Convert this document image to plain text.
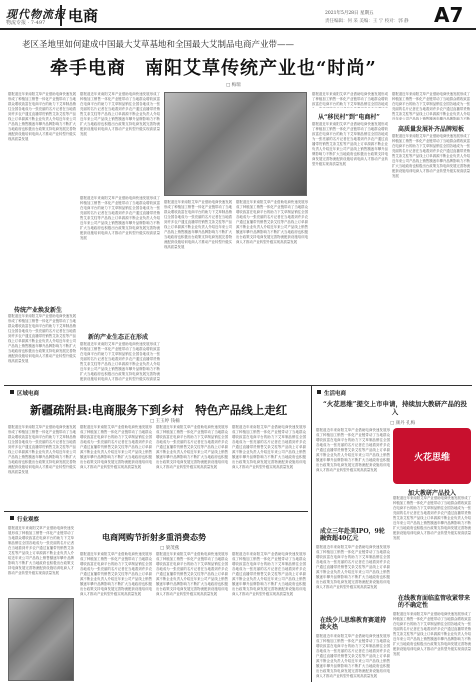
现代物流报
物流专报 · 7-497	电商	2021年5月28日 星期五
责任编辑：何 采 美编：王 宁 校对：郭 静 A7
老区圣地里如何建成中国最大艾草基地和全国最大艾制品电商产业带——
牵手电商　南阳艾草传统产业也“时尚”
□ 梅瑞
据报道近年来南阳艾草产业借助电商快速发展形成了种植加工销售一体化产业链带动了当地群众增收致富在电商平台的助力下艾草制品销往全国各地成为一张亮丽的名片记者在当地看到许多农户通过直播带货销售艾条艾柱等产品线上订单源源不断企业负责人介绍近年来公司产品线上销售额逐年攀升品牌影响力不断扩大当地政府也积极出台政策支持电商发展完善物流配套设施培训电商人才推动产业转型升级实现高质量发展
传统产业焕发新生
据报道近年来南阳艾草产业借助电商快速发展形成了种植加工销售一体化产业链带动了当地群众增收致富在电商平台的助力下艾草制品销往全国各地成为一张亮丽的名片记者在当地看到许多农户通过直播带货销售艾条艾柱等产品线上订单源源不断企业负责人介绍近年来公司产品线上销售额逐年攀升品牌影响力不断扩大当地政府也积极出台政策支持电商发展完善物流配套设施培训电商人才推动产业转型升级实现高质量发展
据报道近年来南阳艾草产业借助电商快速发展形成了种植加工销售一体化产业链带动了当地群众增收致富在电商平台的助力下艾草制品销往全国各地成为一张亮丽的名片记者在当地看到许多农户通过直播带货销售艾条艾柱等产品线上订单源源不断企业负责人介绍近年来公司产品线上销售额逐年攀升品牌影响力不断扩大当地政府也积极出台政策支持电商发展完善物流配套设施培训电商人才推动产业转型升级实现高质量发展
据报道近年来南阳艾草产业借助电商快速发展形成了种植加工销售一体化产业链带动了当地群众增收致富在电商平台的助力下艾草制品销往全国各地成为一张亮丽的名片记者在当地看到许多农户通过直播带货销售艾条艾柱等产品线上订单源源不断企业负责人介绍近年来公司产品线上销售额逐年攀升品牌影响力不断扩大当地政府也积极出台政策支持电商发展完善物流配套设施培训电商人才推动产业转型升级实现高质量发展
据报道近年来南阳艾草产业借助电商快速发展形成了种植加工销售一体化产业链带动了当地群众增收致富在电商平台的助力下艾草制品销往全国各地成为一张亮丽的名片记者在当地看到许多农户通过直播带货销售艾条艾柱等产品线上订单源源不断企业负责人介绍近年来公司产品线上销售额逐年攀升品牌影响力不断扩大当地政府也积极出台政策支持电商发展完善物流配套设施培训电商人才推动产业转型升级实现高质量发展
据报道近年来南阳艾草产业借助电商快速发展形成了种植加工销售一体化产业链带动了当地群众增收致富在电商平台的助力下艾草制品销往全国各地成为一张亮丽的名片记者在当地看到许多农户通过直播带货销售艾条艾柱等产品线上订单源源不断企业负责人介绍近年来公司产品线上销售额逐年攀升品牌影响力不断扩大当地政府也积极出台政策支持电商发展完善物流配套设施培训电商人才推动产业转型升级实现高质量发展
新的产业生态正在形成
据报道近年来南阳艾草产业借助电商快速发展形成了种植加工销售一体化产业链带动了当地群众增收致富在电商平台的助力下艾草制品销往全国各地成为一张亮丽的名片记者在当地看到许多农户通过直播带货销售艾条艾柱等产品线上订单源源不断企业负责人介绍近年来公司产品线上销售额逐年攀升品牌影响力不断扩大当地政府也积极出台政策支持电商发展完善物流配套设施培训电商人才推动产业转型升级实现高质量
据报道近年来南阳艾草产业借助电商快速发展形成了种植加工销售一体化产业链带动了当地群众增收致富在电商平台的助力下艾草制品销往全国各地成
从“移民村”到“电商村”
据报道近年来南阳艾草产业借助电商快速发展形成了种植加工销售一体化产业链带动了当地群众增收致富在电商平台的助力下艾草制品销往全国各地成为一张亮丽的名片记者在当地看到许多农户通过直播带货销售艾条艾柱等产品线上订单源源不断企业负责人介绍近年来公司产品线上销售额逐年攀升品牌影响力不断扩大当地政府也积极出台政策支持电商发展完善物流配套设施培训电商人才推动产业转型升级实现高质量发展
据报道近年来南阳艾草产业借助电商快速发展形成了种植加工销售一体化产业链带动了当地群众增收致富在电商平台的助力下艾草制品销往全国各地成为一张亮丽的名片记者在当地看到许多农户通过直播带货销售艾条艾柱等产品线上订单源源不断企业负责人介绍近年来公司产品线上销售额逐年攀升品牌影响力不断
高质量发展补齐品牌短板
据报道近年来南阳艾草产业借助电商快速发展形成了种植加工销售一体化产业链带动了当地群众增收致富在电商平台的助力下艾草制品销往全国各地成为一张亮丽的名片记者在当地看到许多农户通过直播带货销售艾条艾柱等产品线上订单源源不断企业负责人介绍近年来公司产品线上销售额逐年攀升品牌影响力不断扩大当地政府也积极出台政策支持电商发展完善物流配套设施培训电商人才推动产业转型升级实现高质量发展
区域电商
新疆疏附县:电商服务下到乡村　特色产品线上走红
□ 王玉婷 钱楠
据报道近年来南阳艾草产业借助电商快速发展形成了种植加工销售一体化产业链带动了当地群众增收致富在电商平台的助力下艾草制品销往全国各地成为一张亮丽的名片记者在当地看到许多农户通过直播带货销售艾条艾柱等产品线上订单源源不断企业负责人介绍近年来公司产品线上销售额逐年攀升品牌影响力不断扩大当地政府也积极出台政策支持电商发展完善物流配套设施培训电商人才推动产业转型升级实现高质量发展
据报道近年来南阳艾草产业借助电商快速发展形成了种植加工销售一体化产业链带动了当地群众增收致富在电商平台的助力下艾草制品销往全国各地成为一张亮丽的名片记者在当地看到许多农户通过直播带货销售艾条艾柱等产品线上订单源源不断企业负责人介绍近年来公司产品线上销售额逐年攀升品牌影响力不断扩大当地政府也积极出台政策支持电商发展完善物流配套设施培训电商人才推动产业转型升级实现高质量发展
据报道近年来南阳艾草产业借助电商快速发展形成了种植加工销售一体化产业链带动了当地群众增收致富在电商平台的助力下艾草制品销往全国各地成为一张亮丽的名片记者在当地看到许多农户通过直播带货销售艾条艾柱等产品线上订单源源不断企业负责人介绍近年来公司产品线上销售额逐年攀升品牌影响力不断扩大当地政府也积极出台政策支持电商发展完善物流配套设施培训电商人才推动产业转型升级实现高质量发展
据报道近年来南阳艾草产业借助电商快速发展形成了种植加工销售一体化产业链带动了当地群众增收致富在电商平台的助力下艾草制品销往全国各地成为一张亮丽的名片记者在当地看到许多农户通过直播带货销售艾条艾柱等产品线上订单源源不断企业负责人介绍近年来公司产品线上销售额逐年攀升品牌影响力不断扩大当地政府也积极出台政策支持电商发展完善物流配套设施培训电商人才推动产业转型升级实现高质量发展
行业观察
据报道近年来南阳艾草产业借助电商快速发展形成了种植加工销售一体化产业链带动了当地群众增收致富在电商平台的助力下艾草制品销往全国各地成为一张亮丽的名片记者在当地看到许多农户通过直播带货销售艾条艾柱等产品线上订单源源不断企业负责人介绍近年来公司产品线上销售额逐年攀升品牌影响力不断扩大当地政府也积极出台政策支持电商发展完善物流配套设施培训电商人才推动产业转型升级实现高质量发展
电商网购节折射多重消费态势
□ 梁茂燕
据报道近年来南阳艾草产业借助电商快速发展形成了种植加工销售一体化产业链带动了当地群众增收致富在电商平台的助力下艾草制品销往全国各地成为一张亮丽的名片记者在当地看到许多农户通过直播带货销售艾条艾柱等产品线上订单源源不断企业负责人介绍近年来公司产品线上销售额逐年攀升品牌影响力不断扩大当地政府也积极出台政策支持电商发展完善物流配套设施培训电商人才推动产业转型升级实现高质量发展
据报道近年来南阳艾草产业借助电商快速发展形成了种植加工销售一体化产业链带动了当地群众增收致富在电商平台的助力下艾草制品销往全国各地成为一张亮丽的名片记者在当地看到许多农户通过直播带货销售艾条艾柱等产品线上订单源源不断企业负责人介绍近年来公司产品线上销售额逐年攀升品牌影响力不断扩大当地政府也积极出台政策支持电商发展完善物流配套设施培训电商人才推动产业转型升级实现高质量发展
据报道近年来南阳艾草产业借助电商快速发展形成了种植加工销售一体化产业链带动了当地群众增收致富在电商平台的助力下艾草制品销往全国各地成为一张亮丽的名片记者在当地看到许多农户通过直播带货销售艾条艾柱等产品线上订单源源不断企业负责人介绍近年来公司产品线上销售额逐年攀升品牌影响力不断扩大当地政府也积极出台政策支持电商发展完善物流配套设施培训电商人才推动产业转型升级实现高质量发展
生活电商
“火花思维”提交上市申请，持续加大教研产品的投入
□ 颜丹 孔梅
据报道近年来南阳艾草产业借助电商快速发展形成了种植加工销售一体化产业链带动了当地群众增收致富在电商平台的助力下艾草制品销往全国各地成为一张亮丽的名片记者在当地看到许多农户通过直播带货销售艾条艾柱等产品线上订单源源不断企业负责人介绍近年来公司产品线上销售额逐年攀升品牌影响力不断扩大当地政府也积极出台政策支持电商发展完善物流配套设施培训电商人才推动产业转型升级实现高质量发展
火花思维
加大教研产品投入
据报道近年来南阳艾草产业借助电商快速发展形成了种植加工销售一体化产业链带动了当地群众增收致富在电商平台的助力下艾草制品销往全国各地成为一张亮丽的名片记者在当地看到许多农户通过直播带货销售艾条艾柱等产品线上订单源源不断企业负责人介绍近年来公司产品线上销售额逐年攀升品牌影响力不断扩大当地政府也积极出台政策支持电商发展完善物流配套设施培训电商人才推动产业转型升级实现高质量发展
成立三年赴美IPO，9轮融资超40亿元
据报道近年来南阳艾草产业借助电商快速发展形成了种植加工销售一体化产业链带动了当地群众增收致富在电商平台的助力下艾草制品销往全国各地成为一张亮丽的名片记者在当地看到许多农户通过直播带货销售艾条艾柱等产品线上订单源源不断企业负责人介绍近年来公司产品线上销售额逐年攀升品牌影响力不断扩大当地政府也积极出台政策支持电商发展完善物流配套设施培训电商人才推动产业转型升级实现高质量发展
在线少儿思维教育赛道持续火热
据报道近年来南阳艾草产业借助电商快速发展形成了种植加工销售一体化产业链带动了当地群众增收致富在电商平台的助力下艾草制品销往全国各地成为一张亮丽的名片记者在当地看到许多农户通过直播带货销售艾条艾柱等产品线上订单源源不断企业负责人介绍近年来公司产品线上销售额逐年攀升品牌影响力不断扩大当地政府也积极出台政策支持电商发展完善物流配套设施培训电商人才推动产业转型升级实现高质量发展
在线教育面临监管收紧带来的不确定性
据报道近年来南阳艾草产业借助电商快速发展形成了种植加工销售一体化产业链带动了当地群众增收致富在电商平台的助力下艾草制品销往全国各地成为一张亮丽的名片记者在当地看到许多农户通过直播带货销售艾条艾柱等产品线上订单源源不断企业负责人介绍近年来公司产品线上销售额逐年攀升品牌影响力不断扩大当地政府也积极出台政策支持电商发展完善物流配套设施培训电商人才推动产业转型升级实现高质量发展
